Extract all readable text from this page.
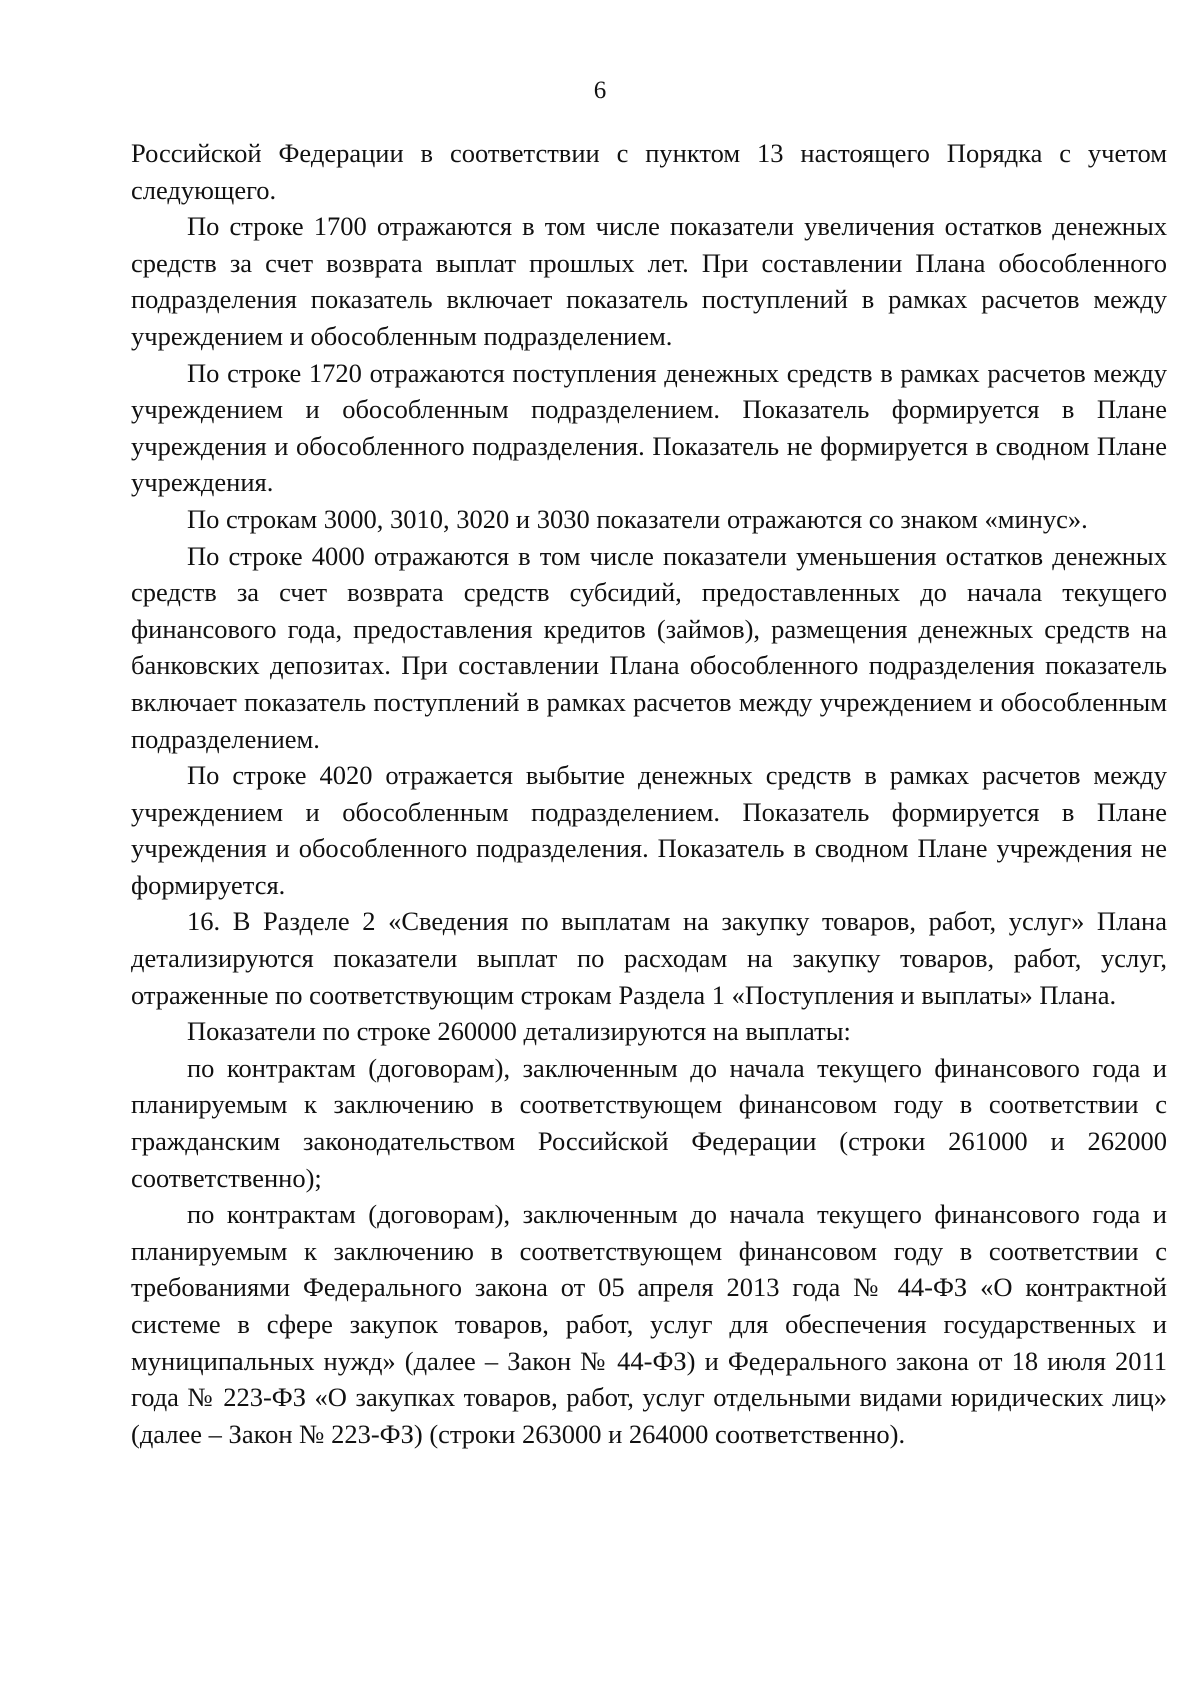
6

Российской Федерации в соответствии с пунктом 13 настоящего Порядка с учетом следующего.

По строке 1700 отражаются в том числе показатели увеличения остатков денежных средств за счет возврата выплат прошлых лет. При составлении Плана обособленного подразделения показатель включает показатель поступлений в рамках расчетов между учреждением и обособленным подразделением.

По строке 1720 отражаются поступления денежных средств в рамках расчетов между учреждением и обособленным подразделением. Показатель формируется в Плане учреждения и обособленного подразделения. Показатель не формируется в сводном Плане учреждения.

По строкам 3000, 3010, 3020 и 3030 показатели отражаются со знаком «минус».

По строке 4000 отражаются в том числе показатели уменьшения остатков денежных средств за счет возврата средств субсидий, предоставленных до начала текущего финансового года, предоставления кредитов (займов), размещения денежных средств на банковских депозитах. При составлении Плана обособленного подразделения показатель включает показатель поступлений в рамках расчетов между учреждением и обособленным подразделением.

По строке 4020 отражается выбытие денежных средств в рамках расчетов между учреждением и обособленным подразделением. Показатель формируется в Плане учреждения и обособленного подразделения. Показатель в сводном Плане учреждения не формируется.

16. В Разделе 2 «Сведения по выплатам на закупку товаров, работ, услуг» Плана детализируются показатели выплат по расходам на закупку товаров, работ, услуг, отраженные по соответствующим строкам Раздела 1 «Поступления и выплаты» Плана.

Показатели по строке 260000 детализируются на выплаты:

по контрактам (договорам), заключенным до начала текущего финансового года и планируемым к заключению в соответствующем финансовом году в соответствии с гражданским законодательством Российской Федерации (строки 261000 и 262000 соответственно);

по контрактам (договорам), заключенным до начала текущего финансового года и планируемым к заключению в соответствующем финансовом году в соответствии с требованиями Федерального закона от 05 апреля 2013 года № 44-ФЗ «О контрактной системе в сфере закупок товаров, работ, услуг для обеспечения государственных и муниципальных нужд» (далее – Закон № 44-ФЗ) и Федерального закона от 18 июля 2011 года № 223-ФЗ «О закупках товаров, работ, услуг отдельными видами юридических лиц» (далее – Закон № 223-ФЗ) (строки 263000 и 264000 соответственно).
